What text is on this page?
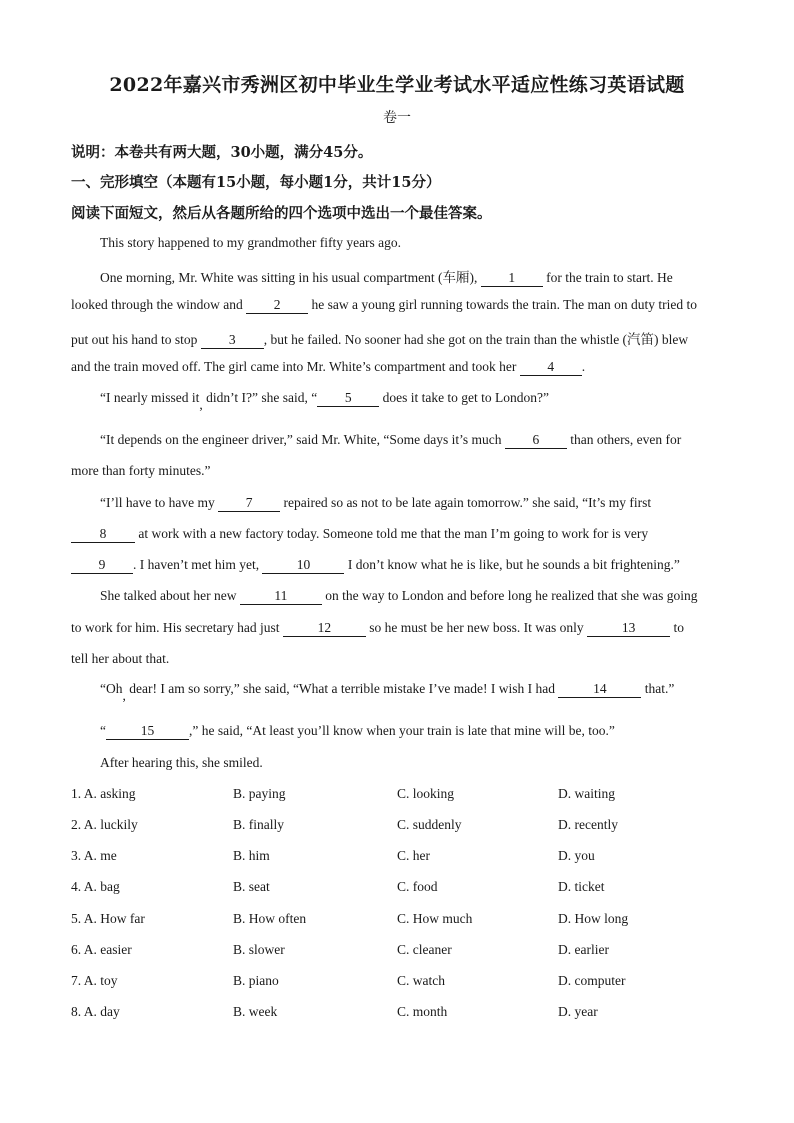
2022年嘉兴市秀洲区初中毕业生学业考试水平适应性练习英语试题
卷一
说明：本卷共有两大题，30小题，满分45分。
一、完形填空（本题有15小题，每小题1分，共计15分）
阅读下面短文，然后从各题所给的四个选项中选出一个最佳答案。
This story happened to my grandmother fifty years ago.
One morning, Mr. White was sitting in his usual compartment (车厢), 1 for the train to start. He
looked through the window and 2 he saw a young girl running towards the train. The man on duty tried to
put out his hand to stop 3 , but he failed. No sooner had she got on the train than the whistle (汽笛) blew
and the train moved off. The girl came into Mr. White’s compartment and took her 4 .
“I nearly missed it, didn’t I?” she said, “ 5 does it take to get to London?”
“It depends on the engineer driver,” said Mr. White, “Some days it’s much 6 than others, even for
more than forty minutes.”
“I’ll have to have my 7 repaired so as not to be late again tomorrow.” she said, “It’s my first
8 at work with a new factory today. Someone told me that the man I’m going to work for is very
9 . I haven’t met him yet,	10	I don’t know what he is like, but he sounds a bit frightening.”
She talked about her new	11	on the way to London and before long he realized that she was going
to work for him. His secretary had just	12	so he must be her new boss. It was only	13	to
tell her about that.
“Oh, dear! I am so sorry,” she said, “What a terrible mistake I’ve made! I wish I had	14	that.”
“	15	,” he said, “At least you’ll know when your train is late that mine will be, too.”
After hearing this, she smiled.
1. A. asking	B. paying	C. looking	D. waiting
2. A. luckily	B. finally	C. suddenly	D. recently
3. A. me	B. him	C. her	D. you
4. A. bag	B. seat	C. food	D. ticket
5. A. How far	B. How often	C. How much	D. How long
6. A. easier	B. slower	C. cleaner	D. earlier
7. A. toy	B. piano	C. watch	D. computer
8. A. day	B. week	C. month	D. year
